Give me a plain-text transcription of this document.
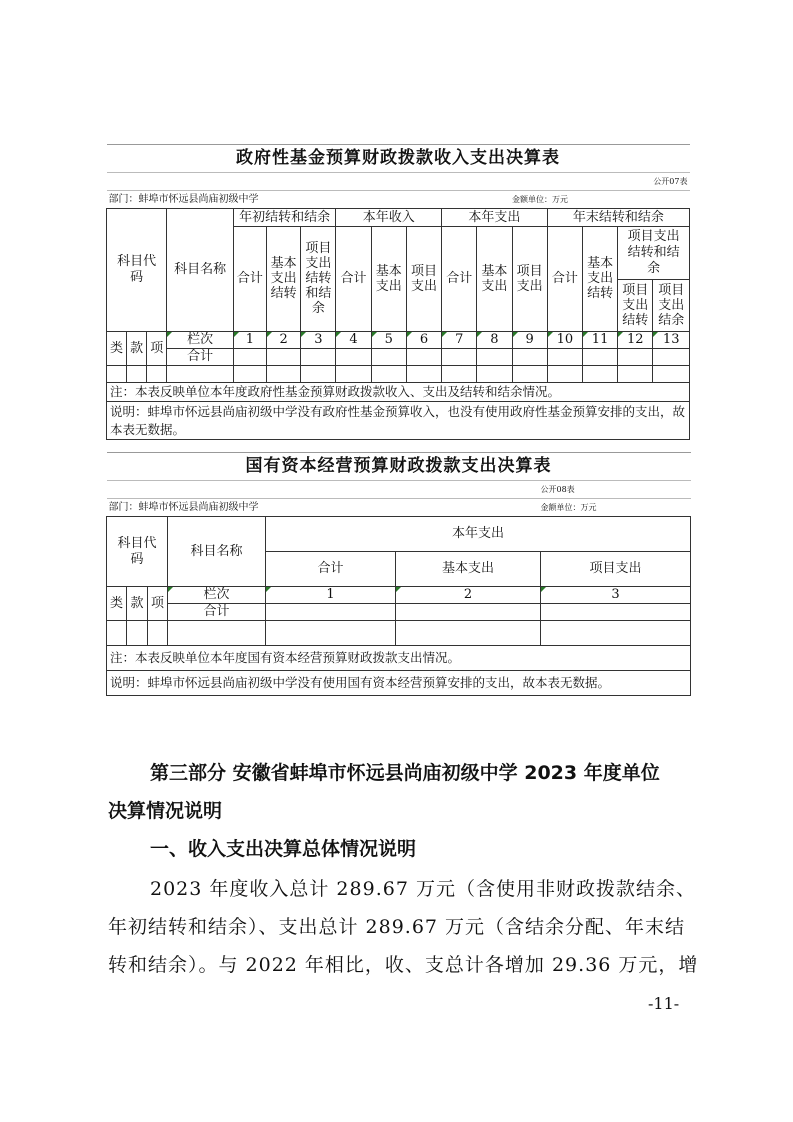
政府性基金预算财政拨款收入支出决算表																
公开07表																
部门：蚌埠市怀远县尚庙初级中学												金额单位：万元				
科目代码			科目名称	年初结转和结余			本年收入			本年支出			年末结转和结余			
				合计	基本支出结转	项目支出结转和结余	合计	基本支出	项目支出	合计	基本支出	项目支出	合计	基本支出结转	项目支出结转和结余	
															项目支出结转	项目支出结余
类	款	项	栏次	1	2	3	4	5	6	7	8	9	10	11	12	13
			合计													

注：本表反映单位本年度政府性基金预算财政拨款收入、支出及结转和结余情况。																
说明：蚌埠市怀远县尚庙初级中学没有政府性基金预算收入，也没有使用政府性基金预算安排的支出，故本表无数据。																
国有资本经营预算财政拨款支出决算表						
						公开08表
部门：蚌埠市怀远县尚庙初级中学						金额单位：万元
科目代码			科目名称	本年支出		
				合计	基本支出	项目支出
类	款	项	栏次	1	2	3
			合计			

注：本表反映单位本年度国有资本经营预算财政拨款支出情况。						
说明：蚌埠市怀远县尚庙初级中学没有使用国有资本经营预算安排的支出，故本表无数据。						
第三部分 安徽省蚌埠市怀远县尚庙初级中学 2023 年度单位
决算情况说明
一、收入支出决算总体情况说明
2023 年度收入总计 289.67 万元（含使用非财政拨款结余、
年初结转和结余）、支出总计 289.67 万元（含结余分配、年末结
转和结余）。与 2022 年相比，收、支总计各增加 29.36 万元，增
-11-
